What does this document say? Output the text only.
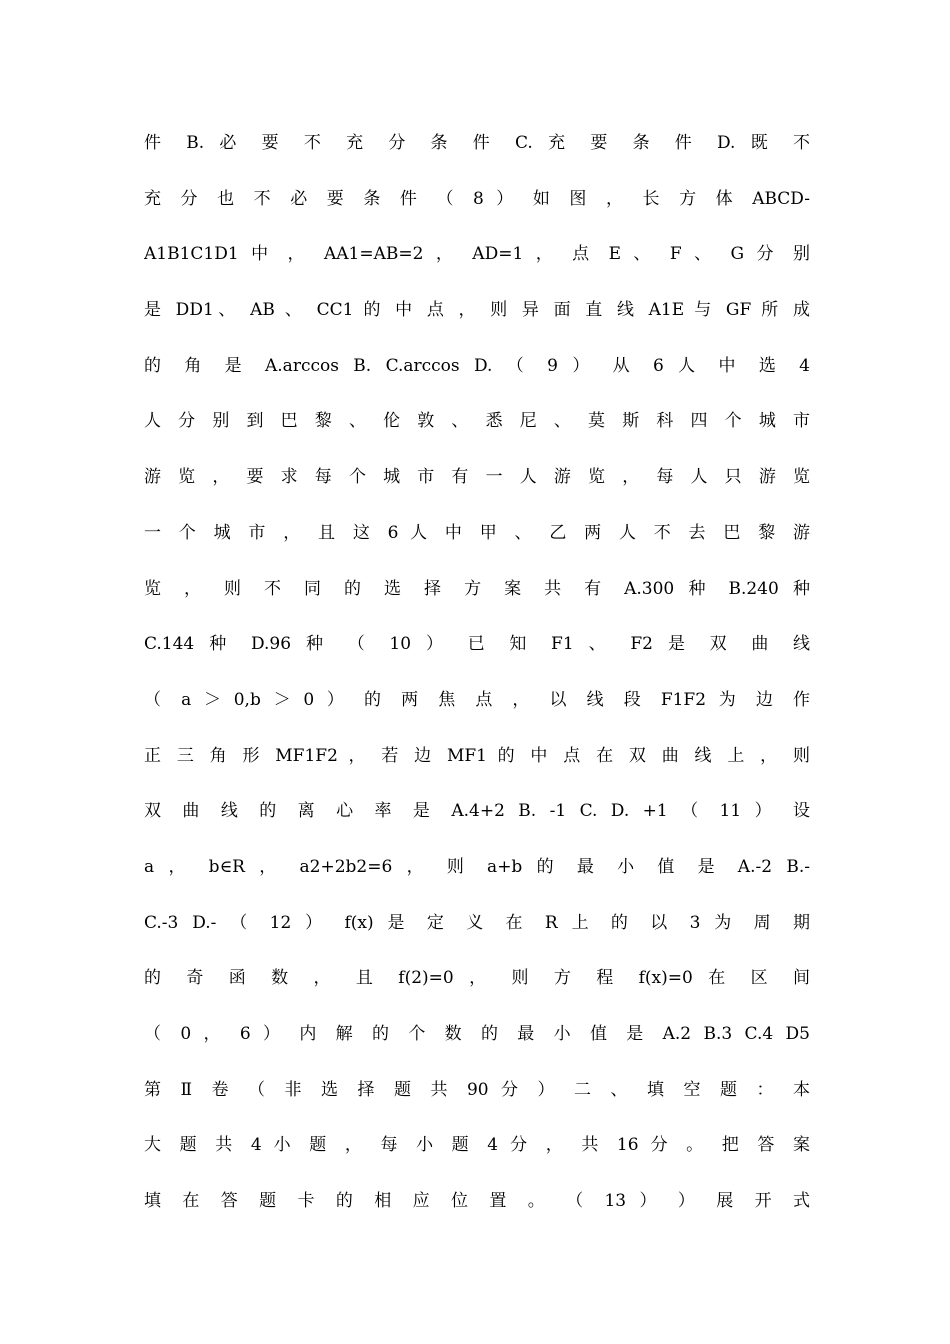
件 B. 必 要 不 充 分 条 件 C. 充 要 条 件 D. 既 不
充 分 也 不 必 要 条 件 （ 8 ） 如 图 ， 长 方 体 ABCD-
A1B1C1D1 中 ， AA1=AB=2 ， AD=1 ， 点 E 、 F 、 G 分 别
是 DD1、 AB 、 CC1 的 中 点 ， 则 异 面 直 线 A1E 与 GF 所 成
的 角 是 A.arccos B. C.arccos D. （ 9 ） 从 6 人 中 选 4
人 分 别 到 巴 黎 、 伦 敦 、 悉 尼 、 莫 斯 科 四 个 城 市
游 览 ， 要 求 每 个 城 市 有 一 人 游 览 ， 每 人 只 游 览
一 个 城 市 ， 且 这 6 人 中 甲 、 乙 两 人 不 去 巴 黎 游
览 ， 则 不 同 的 选 择 方 案 共 有 A.300 种 B.240 种
C.144 种 D.96 种 （ 10 ） 已 知 F1 、 F2 是 双 曲 线
（ a ＞ 0,b ＞ 0 ） 的 两 焦 点 ， 以 线 段 F1F2 为 边 作
正 三 角 形 MF1F2 ， 若 边 MF1 的 中 点 在 双 曲 线 上 ， 则
双 曲 线 的 离 心 率 是 A.4+2 B. -1 C. D. +1 （ 11 ） 设
a ， b∈R ， a2+2b2=6 ， 则 a+b 的 最 小 值 是 A.-2 B.-
C.-3 D.- （ 12 ） f(x) 是 定 义 在 R 上 的 以 3 为 周 期
的 奇 函 数 ， 且 f(2)=0 ， 则 方 程 f(x)=0 在 区 间
（ 0 ， 6 ） 内 解 的 个 数 的 最 小 值 是 A.2 B.3 C.4 D5
第 Ⅱ 卷 （ 非 选 择 题 共 90 分 ） 二 、 填 空 题 ： 本
大 题 共 4 小 题 ， 每 小 题 4 分 ， 共 16 分 。 把 答 案
填 在 答 题 卡 的 相 应 位 置 。 （ 13 ） ） 展 开 式
